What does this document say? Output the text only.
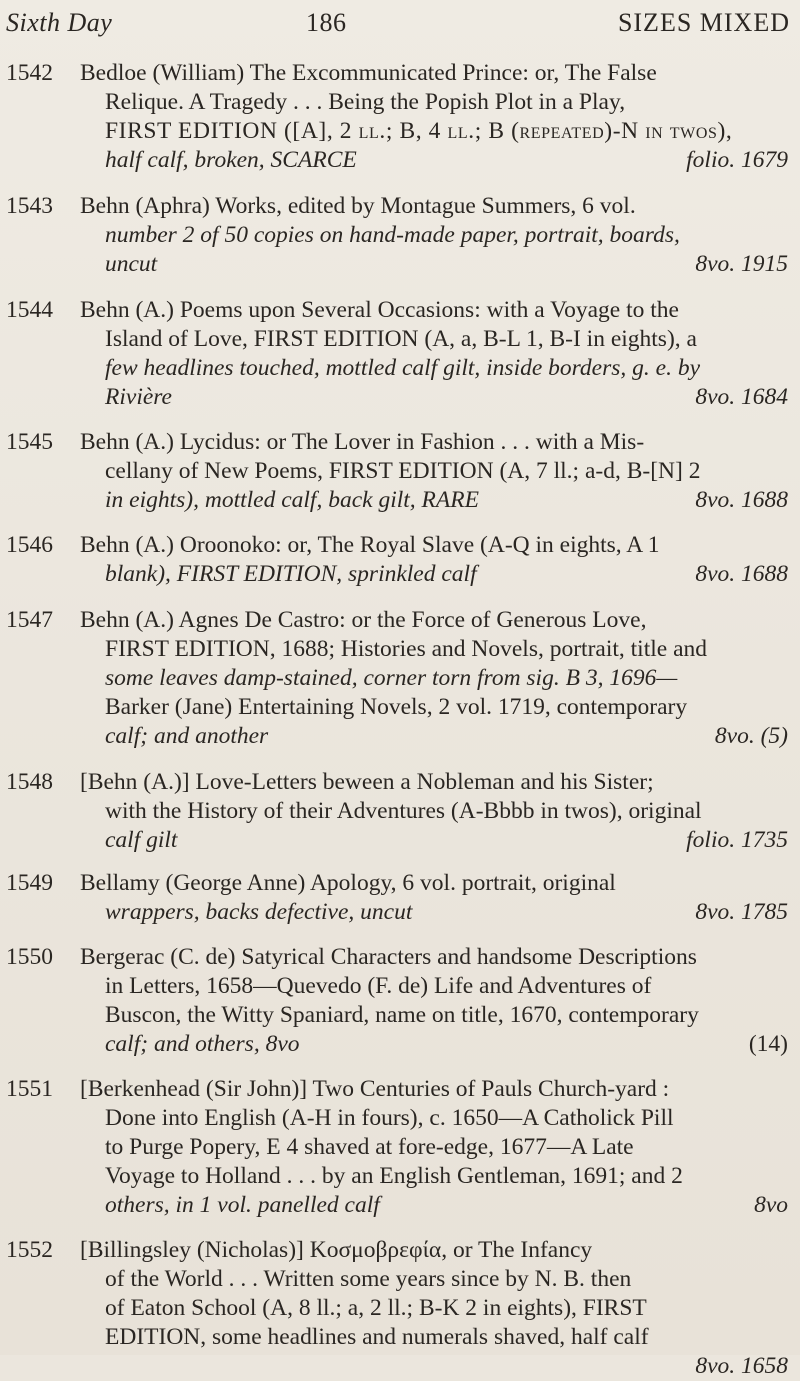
Sixth Day	186	SIZES MIXED
1542	Bedloe (William) The Excommunicated Prince: or, The False
Relique. A Tragedy . . . Being the Popish Plot in a Play,
FIRST EDITION ([A], 2 ll.; B, 4 ll.; B (repeated)-N in twos),
half calf, broken, SCARCE	folio. 1679
1543	Behn (Aphra) Works, edited by Montague Summers, 6 vol.
number 2 of 50 copies on hand-made paper, portrait, boards,
uncut	8vo. 1915
1544	Behn (A.) Poems upon Several Occasions: with a Voyage to the
Island of Love, FIRST EDITION (A, a, B-L 1, B-I in eights), a
few headlines touched, mottled calf gilt, inside borders, g. e. by
Rivière	8vo. 1684
1545	Behn (A.) Lycidus: or The Lover in Fashion . . . with a Mis-
cellany of New Poems, FIRST EDITION (A, 7 ll.; a-d, B-[N] 2
in eights), mottled calf, back gilt, RARE	8vo. 1688
1546	Behn (A.) Oroonoko: or, The Royal Slave (A-Q in eights, A 1
blank), FIRST EDITION, sprinkled calf	8vo. 1688
1547	Behn (A.) Agnes De Castro: or the Force of Generous Love,
FIRST EDITION, 1688; Histories and Novels, portrait, title and
some leaves damp-stained, corner torn from sig. B 3, 1696—
Barker (Jane) Entertaining Novels, 2 vol. 1719, contemporary
calf; and another	8vo. (5)
1548	[Behn (A.)] Love-Letters beween a Nobleman and his Sister;
with the History of their Adventures (A-Bbbb in twos), original
calf gilt	folio. 1735
1549	Bellamy (George Anne) Apology, 6 vol. portrait, original
wrappers, backs defective, uncut	8vo. 1785
1550	Bergerac (C. de) Satyrical Characters and handsome Descriptions
in Letters, 1658—Quevedo (F. de) Life and Adventures of
Buscon, the Witty Spaniard, name on title, 1670, contemporary
calf; and others, 8vo	(14)
1551	[Berkenhead (Sir John)] Two Centuries of Pauls Church-yard :
Done into English (A-H in fours), c. 1650—A Catholick Pill
to Purge Popery, E 4 shaved at fore-edge, 1677—A Late
Voyage to Holland . . . by an English Gentleman, 1691; and 2
others, in 1 vol. panelled calf	8vo
1552	[Billingsley (Nicholas)] Κοσμοβρεφία, or The Infancy
of the World . . . Written some years since by N. B. then
of Eaton School (A, 8 ll.; a, 2 ll.; B-K 2 in eights), FIRST
EDITION, some headlines and numerals shaved, half calf
8vo. 1658
